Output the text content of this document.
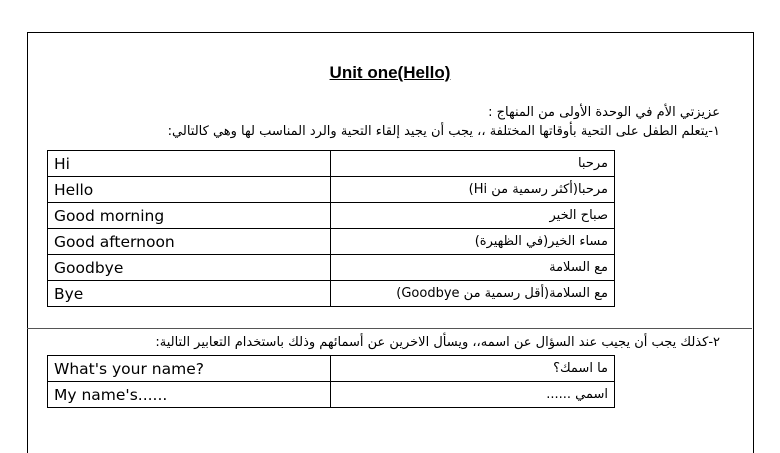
Unit one(Hello)
عزيزتي الأم في الوحدة الأولى من المنهاج :
١-يتعلم الطفل على التحية بأوقاتها المختلفة ،، يجب أن يجيد إلقاء التحية والرد المناسب لها وهي كالتالي:
Hi	مرحبا
Hello	مرحبا(أكثر رسمية من Hi)
Good morning	صباح الخير
Good afternoon	مساء الخير(في الظهيرة)
Goodbye	مع السلامة
Bye	مع السلامة(أقل رسمية من Goodbye)
٢-كذلك يجب أن يجيب عند السؤال عن اسمه،، ويسأل الاخرين عن أسمائهم وذلك باستخدام التعابير التالية:
What's your name?	ما اسمك؟
My name's......	اسمي ......
